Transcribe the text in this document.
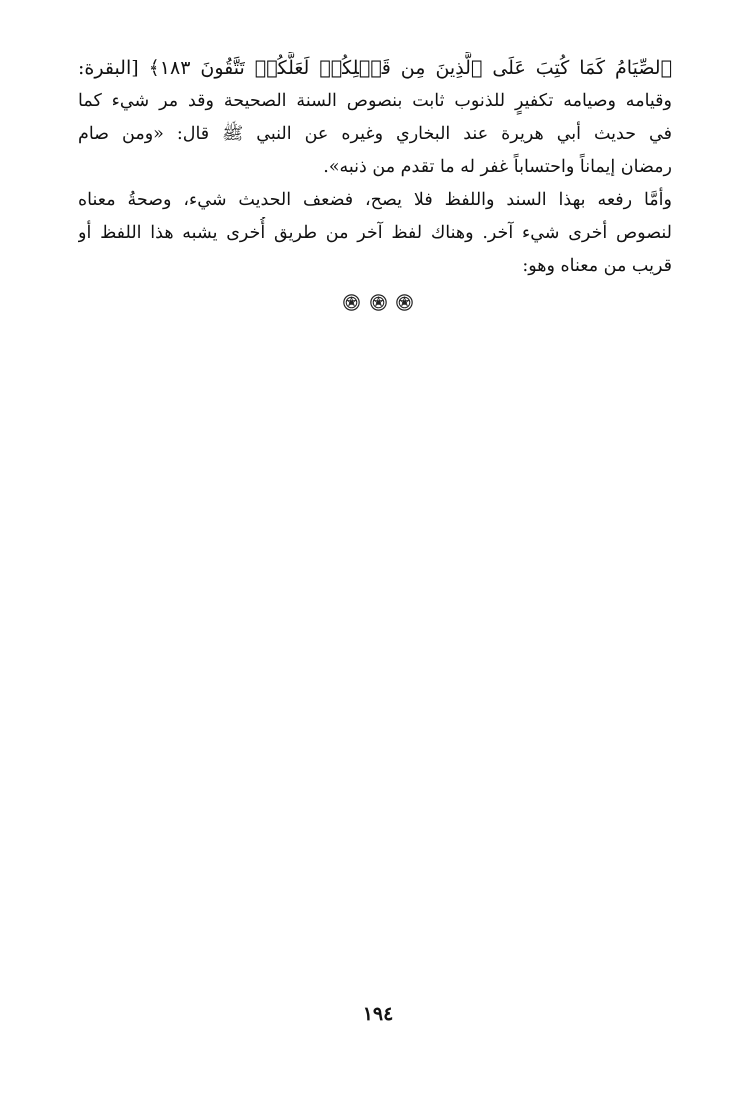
ٱلصِّيَامُ كَمَا كُتِبَ عَلَى ٱلَّذِينَ مِن قَبۡلِكُمۡ لَعَلَّكُمۡ تَتَّقُونَ ١٨٣﴾ [البقرة:
وقيامه وصيامه تكفيرٍ للذنوب ثابت بنصوص السنة الصحيحة وقد مر شيء كما
في حديث أبي هريرة عند البخاري وغيره عن النبي ﷺ قال: «ومن صام
رمضان إيماناً واحتساباً غفر له ما تقدم من ذنبه».
وأمَّا رفعه بهذا السند واللفظ فلا يصح، فضعف الحديث شيء، وصحةُ معناه
لنصوص أخرى شيء آخر. وهناك لفظ آخر من طريق أُخرى يشبه هذا اللفظ أو
قريب من معناه وهو:

١٩٤
